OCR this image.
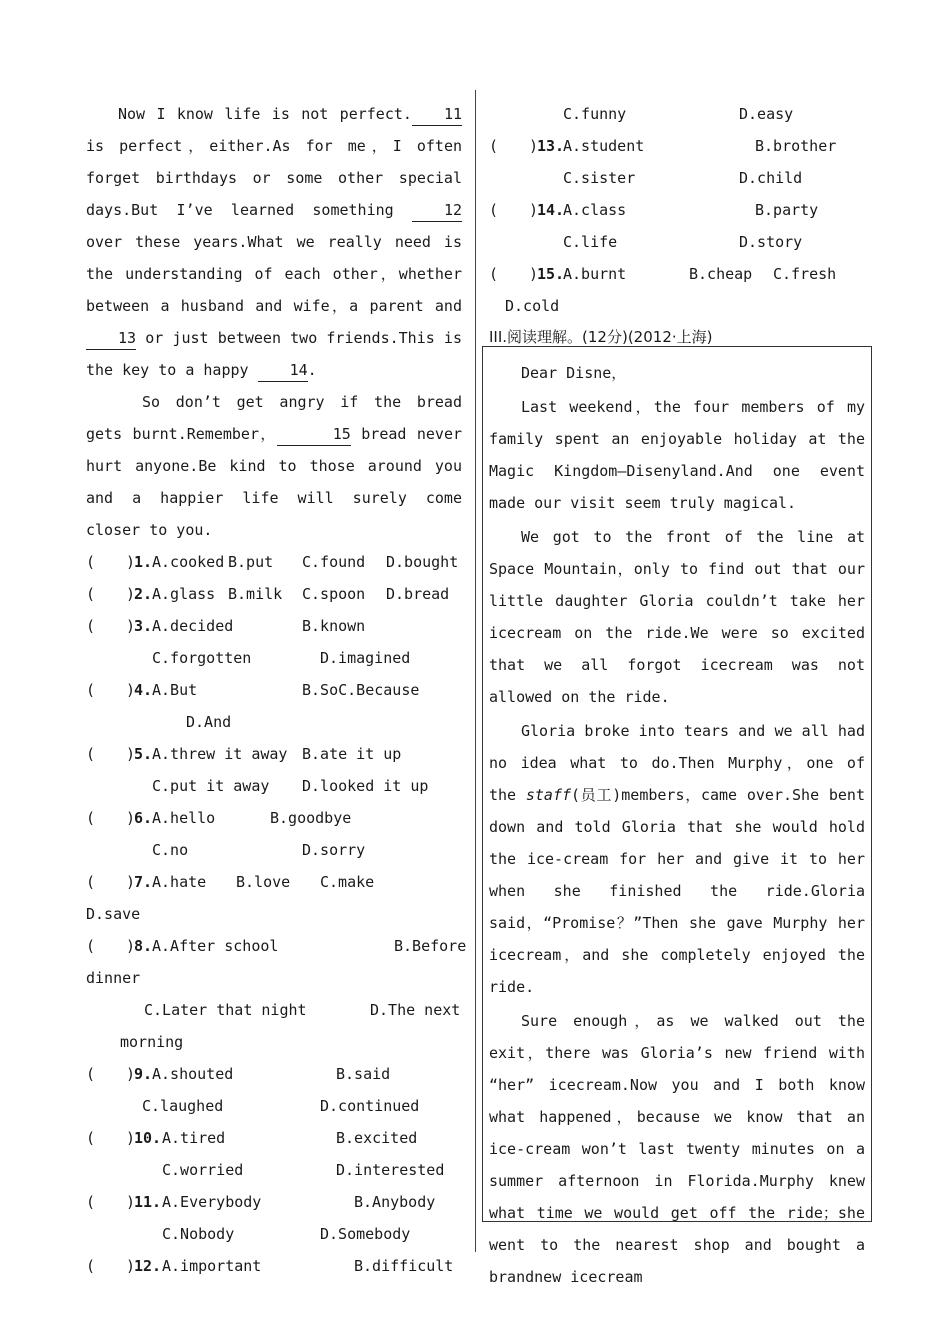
Now I know life is not perfect. 11 is perfect，either.As for me，I often forget birthdays or some other special days.But I’ve learned something 12 over these years.What we really need is the understanding of each other，whether between a husband and wife，a parent and 13 or just between two friends.This is the key to a happy 14.

So don’t get angry if the bread gets burnt.Remember，	15 bread never hurt anyone.Be kind to those around you and a happier life will surely come closer to you.

( )
1. A.cooked B.put C.found D.bought
( )
2. A.glass B.milk C.spoon D.bread
( )
3. A.decided	B.known
C.forgotten	D.imagined
( )
4. A.But	B.SoC.Because
D.And
( )
5. A.threw it away B.ate it up
C.put it away D.looked it up
( )
6. A.hello	B.goodbye
C.no	D.sorry
( )
7. A.hate B.love C.make
D.save
( )
8. A.After school	B.Before
dinner
C.Later that night	D.The next
morning
( )
9. A.shouted	B.said
C.laughed	D.continued
( )
10. A.tired	B.excited
C.worried	D.interested
( )
11. A.Everybody	B.Anybody
C.Nobody	D.Somebody
( )
12. A.important	B.difficult
C.funny	D.easy
( )
13.
A.student	B.brother
C.sister	D.child
( )
14.
A.class	B.party
C.life	D.story
( )
15.
A.burnt	B.cheap C.fresh
D.cold
III.阅读理解。(12分)(2012·上海)

Dear Disne，

Last weekend，the four members of my family spent an enjoyable holiday at the Magic Kingdom—Disenyland.And one event made our visit seem truly magical.

We got to the front of the line at Space Mountain，only to find out that our little daughter Gloria couldn’t take her icecream on the ride.We were so excited that we all forgot icecream was not allowed on the ride.

Gloria broke into tears and we all had no idea what to do.Then Murphy，one of the staff(员工)members，came over.She bent down and told Gloria that she would hold the ice-cream for her and give it to her when she finished the ride.Gloria said，“Promise？”Then she gave Murphy her icecream，and she completely enjoyed the ride.

Sure enough，as we walked out the exit，there was Gloria’s new friend with “her” icecream.Now you and I both know what happened，because we know that an ice-cream won’t last twenty minutes on a summer afternoon in Florida.Murphy knew what time we would get off the ride；she went to the nearest shop and bought a brandnew icecream
